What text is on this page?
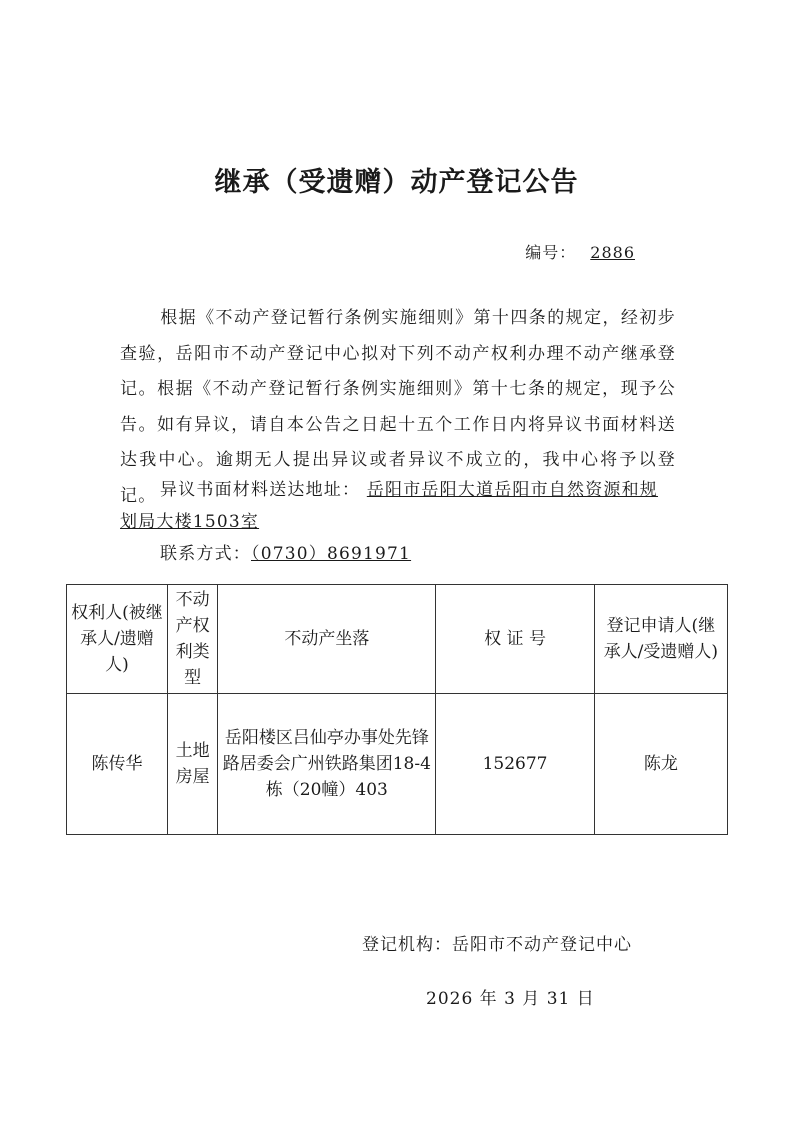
继承（受遗赠）动产登记公告
编号： 2886
根据《不动产登记暂行条例实施细则》第十四条的规定，经初步查验，岳阳市不动产登记中心拟对下列不动产权利办理不动产继承登记。根据《不动产登记暂行条例实施细则》第十七条的规定，现予公告。如有异议，请自本公告之日起十五个工作日内将异议书面材料送达我中心。逾期无人提出异议或者异议不成立的，我中心将予以登记。 异议书面材料送达地址： 岳阳市岳阳大道岳阳市自然资源和规划局大楼1503室
联系方式：（0730）8691971
权利人(被继承人/遗赠人)	不动产权利类型	不动产坐落	权 证 号	登记申请人(继承人/受遗赠人)
陈传华	土地房屋	岳阳楼区吕仙亭办事处先锋路居委会广州铁路集团18-4栋（20幢）403	152677	陈龙
登记机构：岳阳市不动产登记中心
2026 年 3 月 31 日
